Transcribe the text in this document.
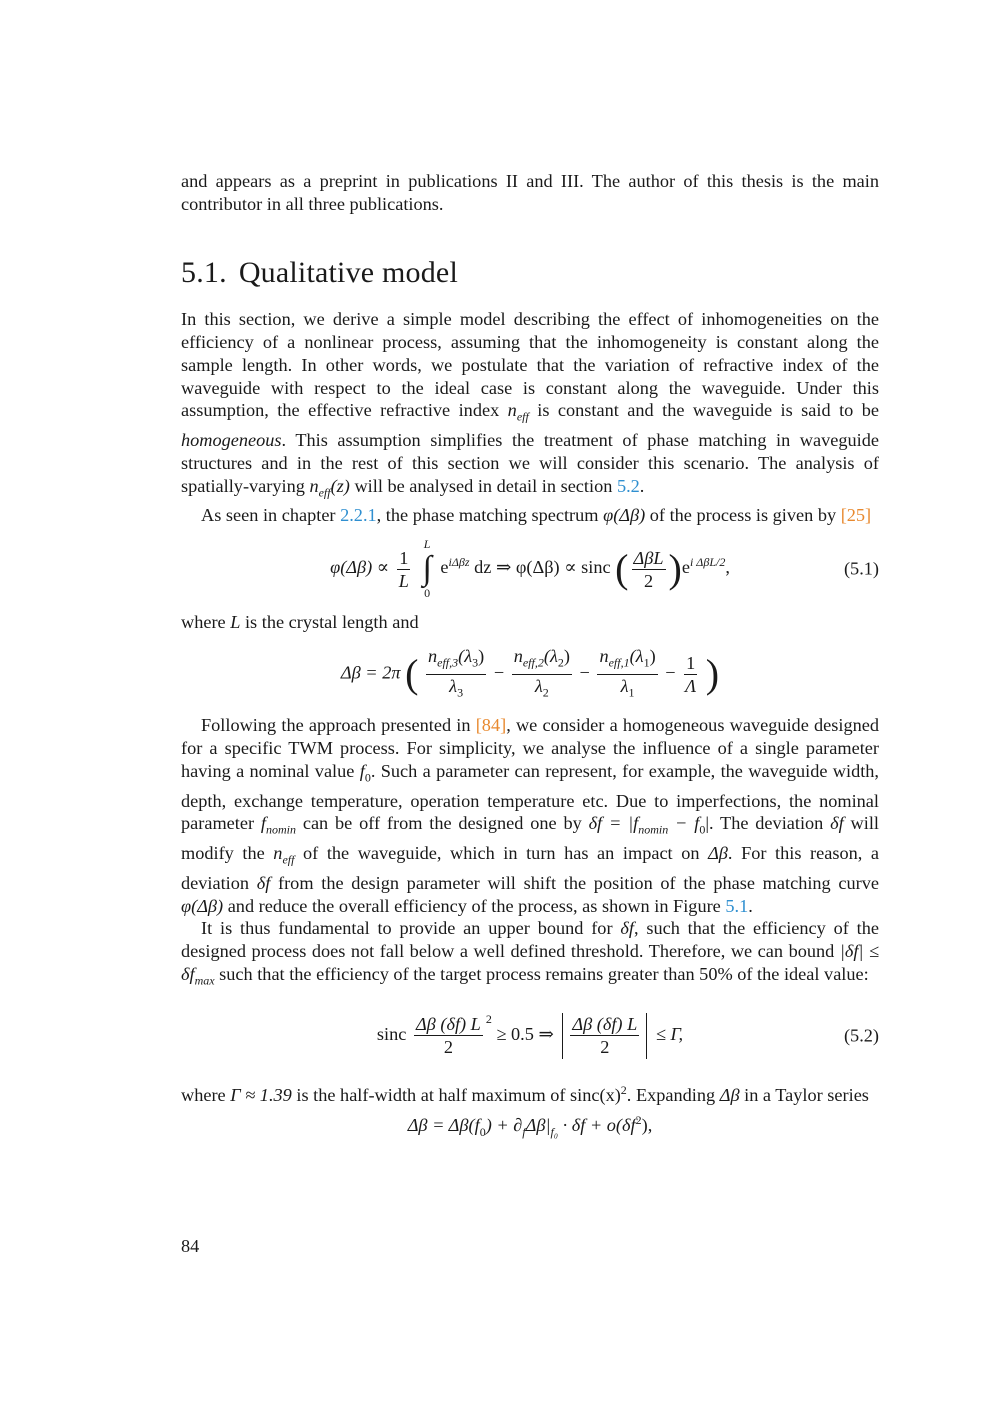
and appears as a preprint in publications II and III. The author of this thesis is the main contributor in all three publications.

5.1. Qualitative model

In this section, we derive a simple model describing the effect of inhomogeneities on the efficiency of a nonlinear process, assuming that the inhomogeneity is constant along the sample length. In other words, we postulate that the variation of refractive index of the waveguide with respect to the ideal case is constant along the waveguide. Under this assumption, the effective refractive index $n_{eff}$ is constant and the waveguide is said to be homogeneous. This assumption simplifies the treatment of phase matching in waveguide structures and in the rest of this section we will consider this scenario. The analysis of spatially-varying $n_{eff}(z)$ will be analysed in detail in section 5.2.

As seen in chapter 2.2.1, the phase matching spectrum φ(Δβ) of the process is given by [25]

$\varphi(\Delta\beta) \propto \frac{1}{L}$

L
∫
0
$e^{i\Delta\beta z}$ dz ⇒ φ(Δβ) ∝ sinc ( $\frac{\text{ΔβL}}{2} )e^{i \Delta\beta L/2}$,	(5.1)

where L is the crystal length and

Δβ = 2π ( $\frac{n_{eff,3}(\lambda_3)}{\lambda_3} - \frac{n_{eff,2}(\lambda_2)}{\lambda_2} - \frac{n_{eff,1}(\lambda_1)}{\lambda_1} - \frac{1}{\Lambda}$ )

Following the approach presented in [84], we consider a homogeneous waveguide designed for a specific TWM process. For simplicity, we analyse the influence of a single parameter having a nominal value $f_0$. Such a parameter can represent, for example, the waveguide width, depth, exchange temperature, operation temperature etc. Due to imperfections, the nominal parameter $f_{nomin}$ can be off from the designed one by $\delta f = |f_{nomin} - f_0|$. The deviation δf will modify the $n_{eff}$ of the waveguide, which in turn has an impact on Δβ. For this reason, a deviation δf from the design parameter will shift the position of the phase matching curve φ(Δβ) and reduce the overall efficiency of the process, as shown in Figure 5.1.

It is thus fundamental to provide an upper bound for δf, such that the efficiency of the designed process does not fall below a well defined threshold. Therefore, we can bound $|\delta f| \le \delta f_{max}$ such that the efficiency of the target process remains greater than 50% of the ideal value:

sinc $\frac{\Delta\beta (\delta f) L}{2} ^2 \ge 0.5$ ⇒ $\frac{\Delta\beta (\delta f) L}{2} \le \Gamma$,	(5.2)

where Γ ≈ 1.39 is the half-width at half maximum of $\sin c(x)^2$. Expanding Δβ in a Taylor series

$\Delta\beta = \Delta\beta(f_0) + \partial_f\Delta\beta|_{f_0} \cdot \delta f + o(\delta f^2)$,
84
